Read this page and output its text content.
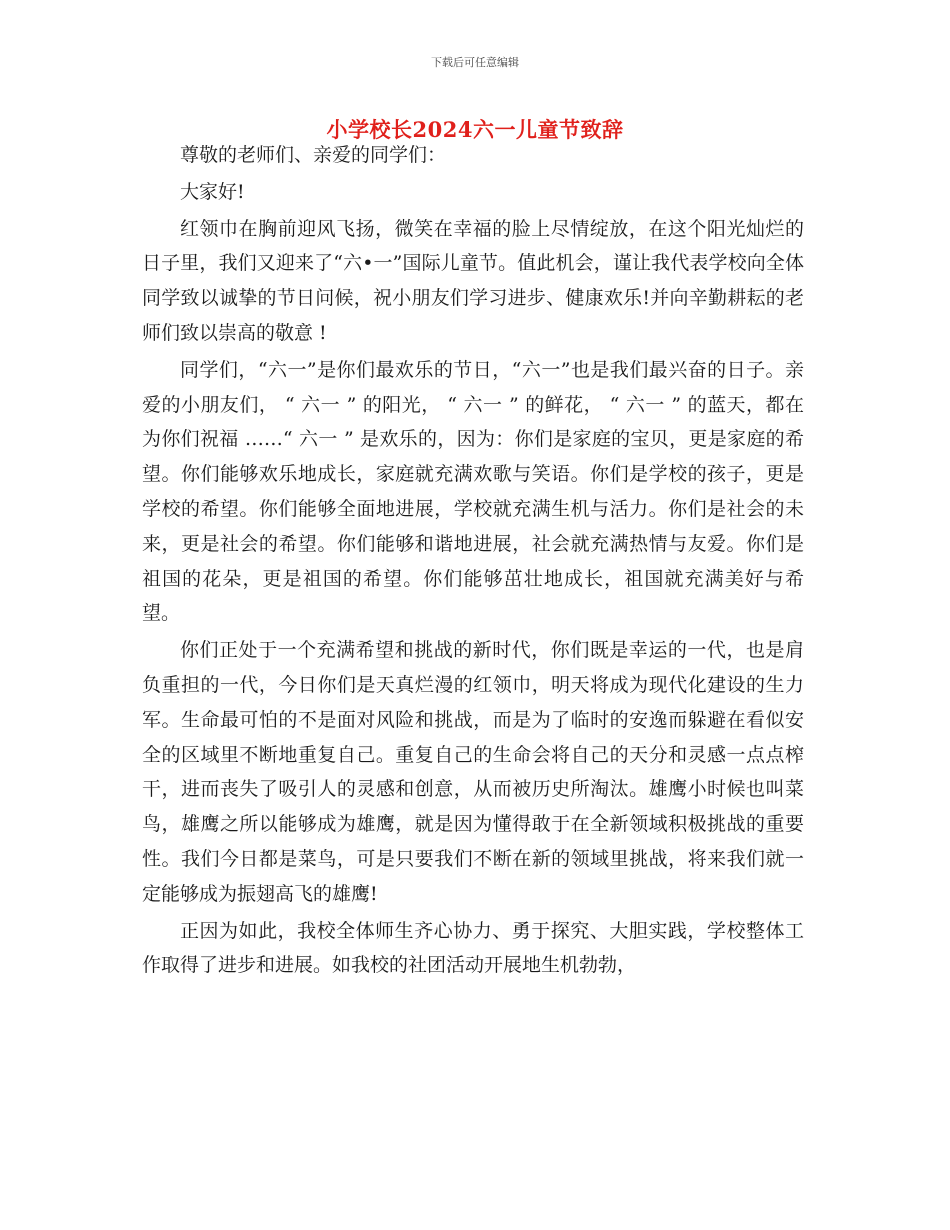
下载后可任意编辑
小学校长2024六一儿童节致辞

尊敬的老师们、亲爱的同学们：

大家好!

红领巾在胸前迎风飞扬，微笑在幸福的脸上尽情绽放，在这个阳光灿烂的日子里，我们又迎来了“六•一”国际儿童节。值此机会，谨让我代表学校向全体同学致以诚挚的节日问候，祝小朋友们学习进步、健康欢乐!并向辛勤耕耘的老师们致以崇高的敬意 !

同学们，“六一”是你们最欢乐的节日，“六一”也是我们最兴奋的日子。亲爱的小朋友们， “ 六一 ” 的阳光， “ 六一 ” 的鲜花， “ 六一 ” 的蓝天，都在为你们祝福 ……“ 六一 ” 是欢乐的，因为：你们是家庭的宝贝，更是家庭的希望。你们能够欢乐地成长，家庭就充满欢歌与笑语。你们是学校的孩子，更是学校的希望。你们能够全面地进展，学校就充满生机与活力。你们是社会的未来，更是社会的希望。你们能够和谐地进展，社会就充满热情与友爱。你们是祖国的花朵，更是祖国的希望。你们能够茁壮地成长，祖国就充满美好与希望。

你们正处于一个充满希望和挑战的新时代，你们既是幸运的一代，也是肩负重担的一代，今日你们是天真烂漫的红领巾，明天将成为现代化建设的生力军。生命最可怕的不是面对风险和挑战，而是为了临时的安逸而躲避在看似安全的区域里不断地重复自己。重复自己的生命会将自己的天分和灵感一点点榨干，进而丧失了吸引人的灵感和创意，从而被历史所淘汰。雄鹰小时候也叫菜鸟，雄鹰之所以能够成为雄鹰，就是因为懂得敢于在全新领域积极挑战的重要性。我们今日都是菜鸟，可是只要我们不断在新的领域里挑战，将来我们就一定能够成为振翅高飞的雄鹰!

正因为如此，我校全体师生齐心协力、勇于探究、大胆实践，学校整体工作取得了进步和进展。如我校的社团活动开展地生机勃勃，
